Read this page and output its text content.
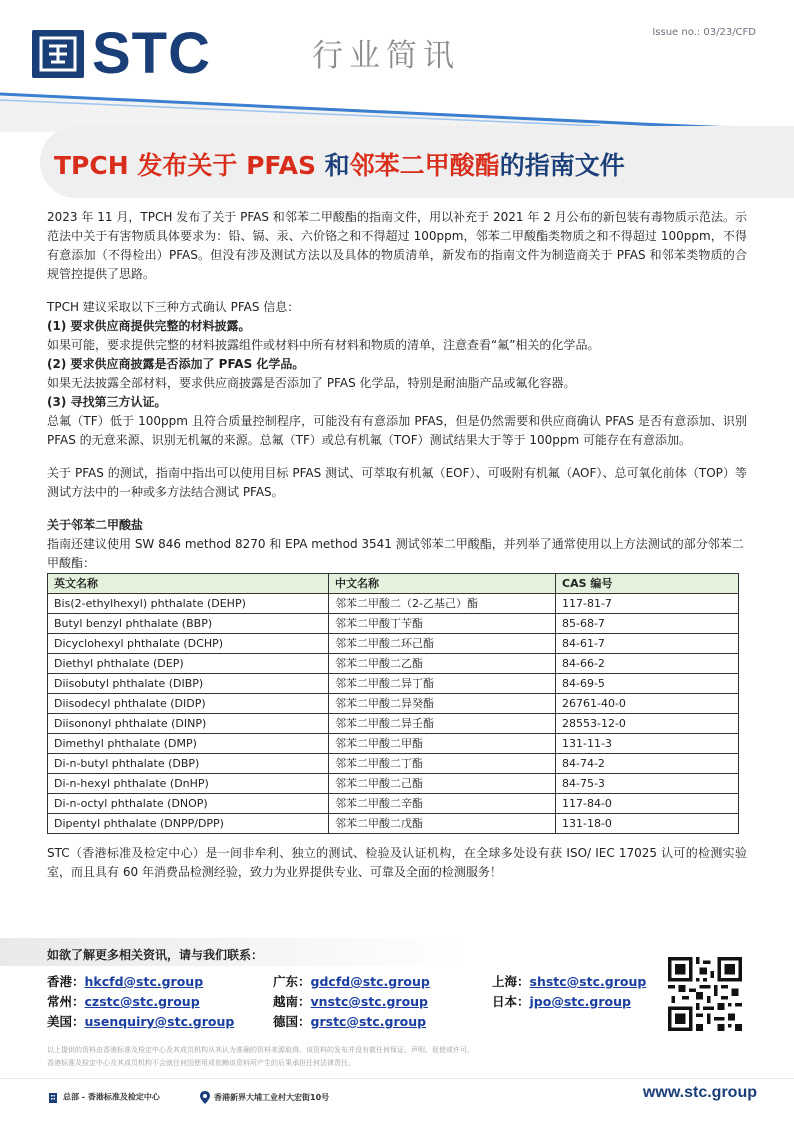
Issue no.: 03/23/CFD
STC	行业简讯
TPCH 发布关于 PFAS 和邻苯二甲酸酯的指南文件

2023 年 11 月，TPCH 发布了关于 PFAS 和邻苯二甲酸酯的指南文件，用以补充于 2021 年 2 月公布的新包装有毒物质示范法。示范法中关于有害物质具体要求为：铅、镉、汞、六价铬之和不得超过 100ppm，邻苯二甲酸酯类物质之和不得超过 100ppm，不得有意添加（不得检出）PFAS。但没有涉及测试方法以及具体的物质清单，新发布的指南文件为制造商关于 PFAS 和邻苯类物质的合规管控提供了思路。

TPCH 建议采取以下三种方式确认 PFAS 信息：

(1) 要求供应商提供完整的材料披露。

如果可能，要求提供完整的材料披露组件或材料中所有材料和物质的清单，注意查看“氟”相关的化学品。

(2) 要求供应商披露是否添加了 PFAS 化学品。

如果无法披露全部材料，要求供应商披露是否添加了 PFAS 化学品，特别是耐油脂产品或氟化容器。

(3) 寻找第三方认证。

总氟（TF）低于 100ppm 且符合质量控制程序，可能没有有意添加 PFAS，但是仍然需要和供应商确认 PFAS 是否有意添加、识别 PFAS 的无意来源、识别无机氟的来源。总氟（TF）或总有机氟（TOF）测试结果大于等于 100ppm 可能存在有意添加。

关于 PFAS 的测试，指南中指出可以使用目标 PFAS 测试、可萃取有机氟（EOF）、可吸附有机氟（AOF）、总可氧化前体（TOP）等测试方法中的一种或多方法结合测试 PFAS。

关于邻苯二甲酸盐

指南还建议使用 SW 846 method 8270 和 EPA method 3541 测试邻苯二甲酸酯，并列举了通常使用以上方法测试的部分邻苯二甲酸酯：

英文名称	中文名称	CAS 编号
Bis(2-ethylhexyl) phthalate (DEHP)	邻苯二甲酸二（2-乙基己）酯	117-81-7
Butyl benzyl phthalate (BBP)	邻苯二甲酸丁苄酯	85-68-7
Dicyclohexyl phthalate (DCHP)	邻苯二甲酸二环己酯	84-61-7
Diethyl phthalate (DEP)	邻苯二甲酸二乙酯	84-66-2
Diisobutyl phthalate (DIBP)	邻苯二甲酸二异丁酯	84-69-5
Diisodecyl phthalate (DIDP)	邻苯二甲酸二异癸酯	26761-40-0
Diisononyl phthalate (DINP)	邻苯二甲酸二异壬酯	28553-12-0
Dimethyl phthalate (DMP)	邻苯二甲酸二甲酯	131-11-3
Di-n-butyl phthalate (DBP)	邻苯二甲酸二丁酯	84-74-2
Di-n-hexyl phthalate (DnHP)	邻苯二甲酸二己酯	84-75-3
Di-n-octyl phthalate (DNOP)	邻苯二甲酸二辛酯	117-84-0
Dipentyl phthalate (DNPP/DPP)	邻苯二甲酸二戊酯	131-18-0

STC（香港标准及检定中心）是一间非牟利、独立的测试、检验及认证机构，在全球多处设有获 ISO/ IEC 17025 认可的检测实验室，而且具有 60 年消费品检测经验，致力为业界提供专业、可靠及全面的检测服务！

如欲了解更多相关资讯，请与我们联系：
香港：hkcfd@stc.group	广东：gdcfd@stc.group	上海：shstc@stc.group
常州：czstc@stc.group	越南：vnstc@stc.group	日本：jpo@stc.group
美国：usenquiry@stc.group	德国：grstc@stc.group
以上提供的资料由香港标准及检定中心及其成员机构从其认为准确的资料来源取得。该资料的发布并没有做任何保证、声明、促使或许可。
香港标准及检定中心及其成员机构不会就任何因使用或依赖该资料所产生的后果承担任何法律责任。
总部 - 香港标准及检定中心	香港新界大埔工业村大宏街10号	www.stc.group
